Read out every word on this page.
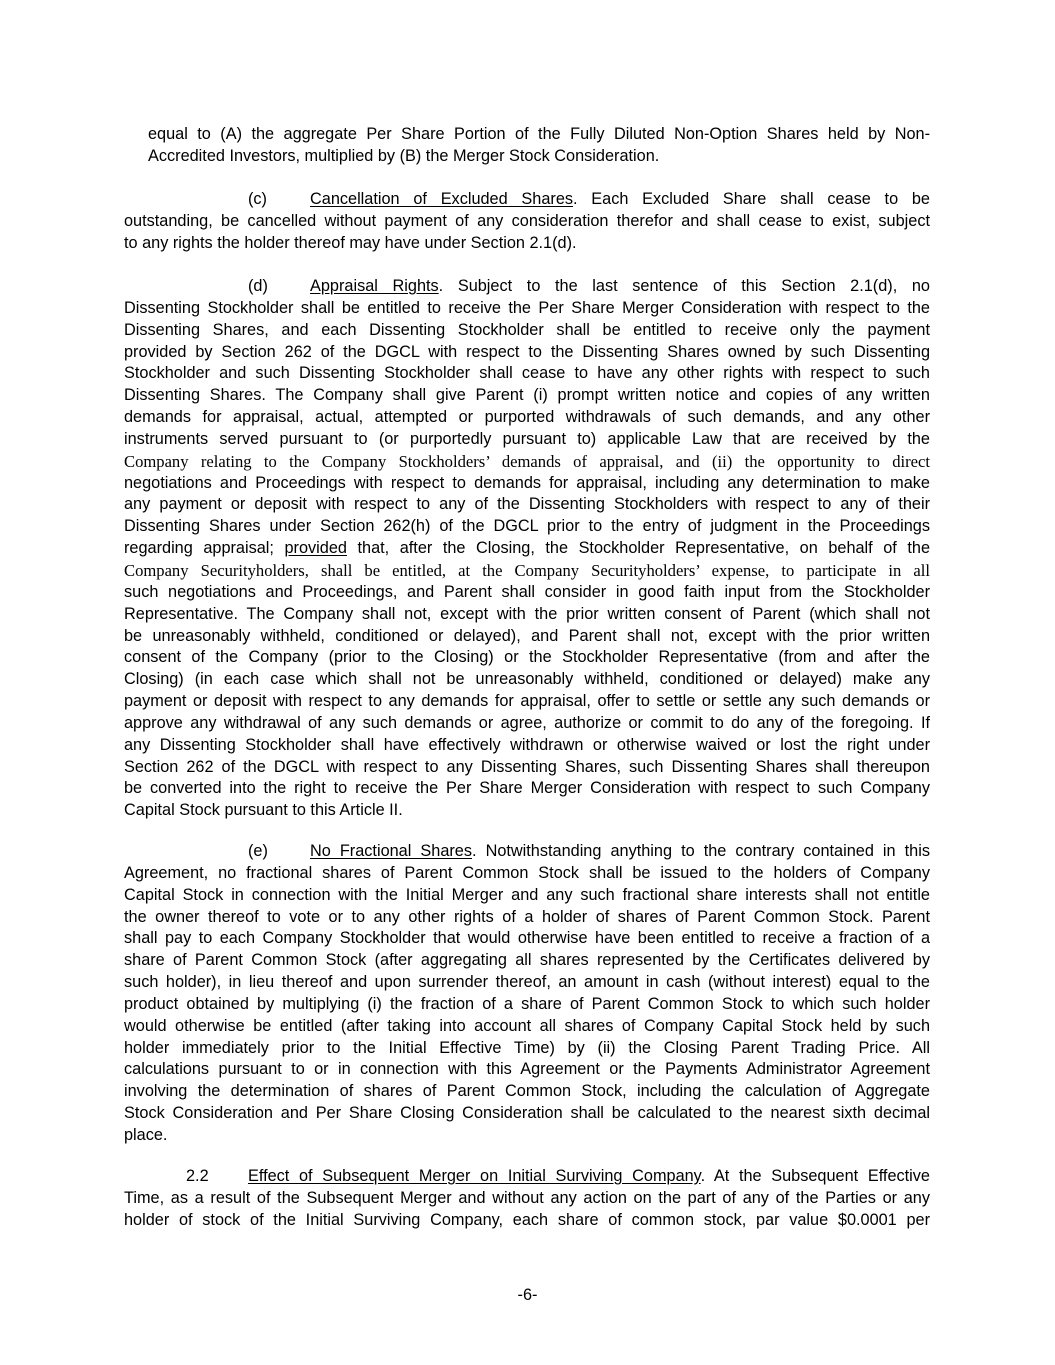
equal to (A) the aggregate Per Share Portion of the Fully Diluted Non-Option Shares held by Non-
Accredited Investors, multiplied by (B) the Merger Stock Consideration.
(c)	Cancellation of Excluded Shares. Each Excluded Share shall cease to be
outstanding, be cancelled without payment of any consideration therefor and shall cease to exist, subject
to any rights the holder thereof may have under Section 2.1(d).
(d)	Appraisal Rights. Subject to the last sentence of this Section 2.1(d), no
Dissenting Stockholder shall be entitled to receive the Per Share Merger Consideration with respect to the
Dissenting Shares, and each Dissenting Stockholder shall be entitled to receive only the payment
provided by Section 262 of the DGCL with respect to the Dissenting Shares owned by such Dissenting
Stockholder and such Dissenting Stockholder shall cease to have any other rights with respect to such
Dissenting Shares. The Company shall give Parent (i) prompt written notice and copies of any written
demands for appraisal, actual, attempted or purported withdrawals of such demands, and any other
instruments served pursuant to (or purportedly pursuant to) applicable Law that are received by the
Company relating to the Company Stockholders’ demands of appraisal, and (ii) the opportunity to direct
negotiations and Proceedings with respect to demands for appraisal, including any determination to make
any payment or deposit with respect to any of the Dissenting Stockholders with respect to any of their
Dissenting Shares under Section 262(h) of the DGCL prior to the entry of judgment in the Proceedings
regarding appraisal; provided that, after the Closing, the Stockholder Representative, on behalf of the
Company Securityholders, shall be entitled, at the Company Securityholders’ expense, to participate in all
such negotiations and Proceedings, and Parent shall consider in good faith input from the Stockholder
Representative. The Company shall not, except with the prior written consent of Parent (which shall not
be unreasonably withheld, conditioned or delayed), and Parent shall not, except with the prior written
consent of the Company (prior to the Closing) or the Stockholder Representative (from and after the
Closing) (in each case which shall not be unreasonably withheld, conditioned or delayed) make any
payment or deposit with respect to any demands for appraisal, offer to settle or settle any such demands or
approve any withdrawal of any such demands or agree, authorize or commit to do any of the foregoing. If
any Dissenting Stockholder shall have effectively withdrawn or otherwise waived or lost the right under
Section 262 of the DGCL with respect to any Dissenting Shares, such Dissenting Shares shall thereupon
be converted into the right to receive the Per Share Merger Consideration with respect to such Company
Capital Stock pursuant to this Article II.
(e)	No Fractional Shares. Notwithstanding anything to the contrary contained in this
Agreement, no fractional shares of Parent Common Stock shall be issued to the holders of Company
Capital Stock in connection with the Initial Merger and any such fractional share interests shall not entitle
the owner thereof to vote or to any other rights of a holder of shares of Parent Common Stock. Parent
shall pay to each Company Stockholder that would otherwise have been entitled to receive a fraction of a
share of Parent Common Stock (after aggregating all shares represented by the Certificates delivered by
such holder), in lieu thereof and upon surrender thereof, an amount in cash (without interest) equal to the
product obtained by multiplying (i) the fraction of a share of Parent Common Stock to which such holder
would otherwise be entitled (after taking into account all shares of Company Capital Stock held by such
holder immediately prior to the Initial Effective Time) by (ii) the Closing Parent Trading Price. All
calculations pursuant to or in connection with this Agreement or the Payments Administrator Agreement
involving the determination of shares of Parent Common Stock, including the calculation of Aggregate
Stock Consideration and Per Share Closing Consideration shall be calculated to the nearest sixth decimal
place.
2.2 Effect of Subsequent Merger on Initial Surviving Company. At the Subsequent Effective
Time, as a result of the Subsequent Merger and without any action on the part of any of the Parties or any
holder of stock of the Initial Surviving Company, each share of common stock, par value $0.0001 per
-6-
